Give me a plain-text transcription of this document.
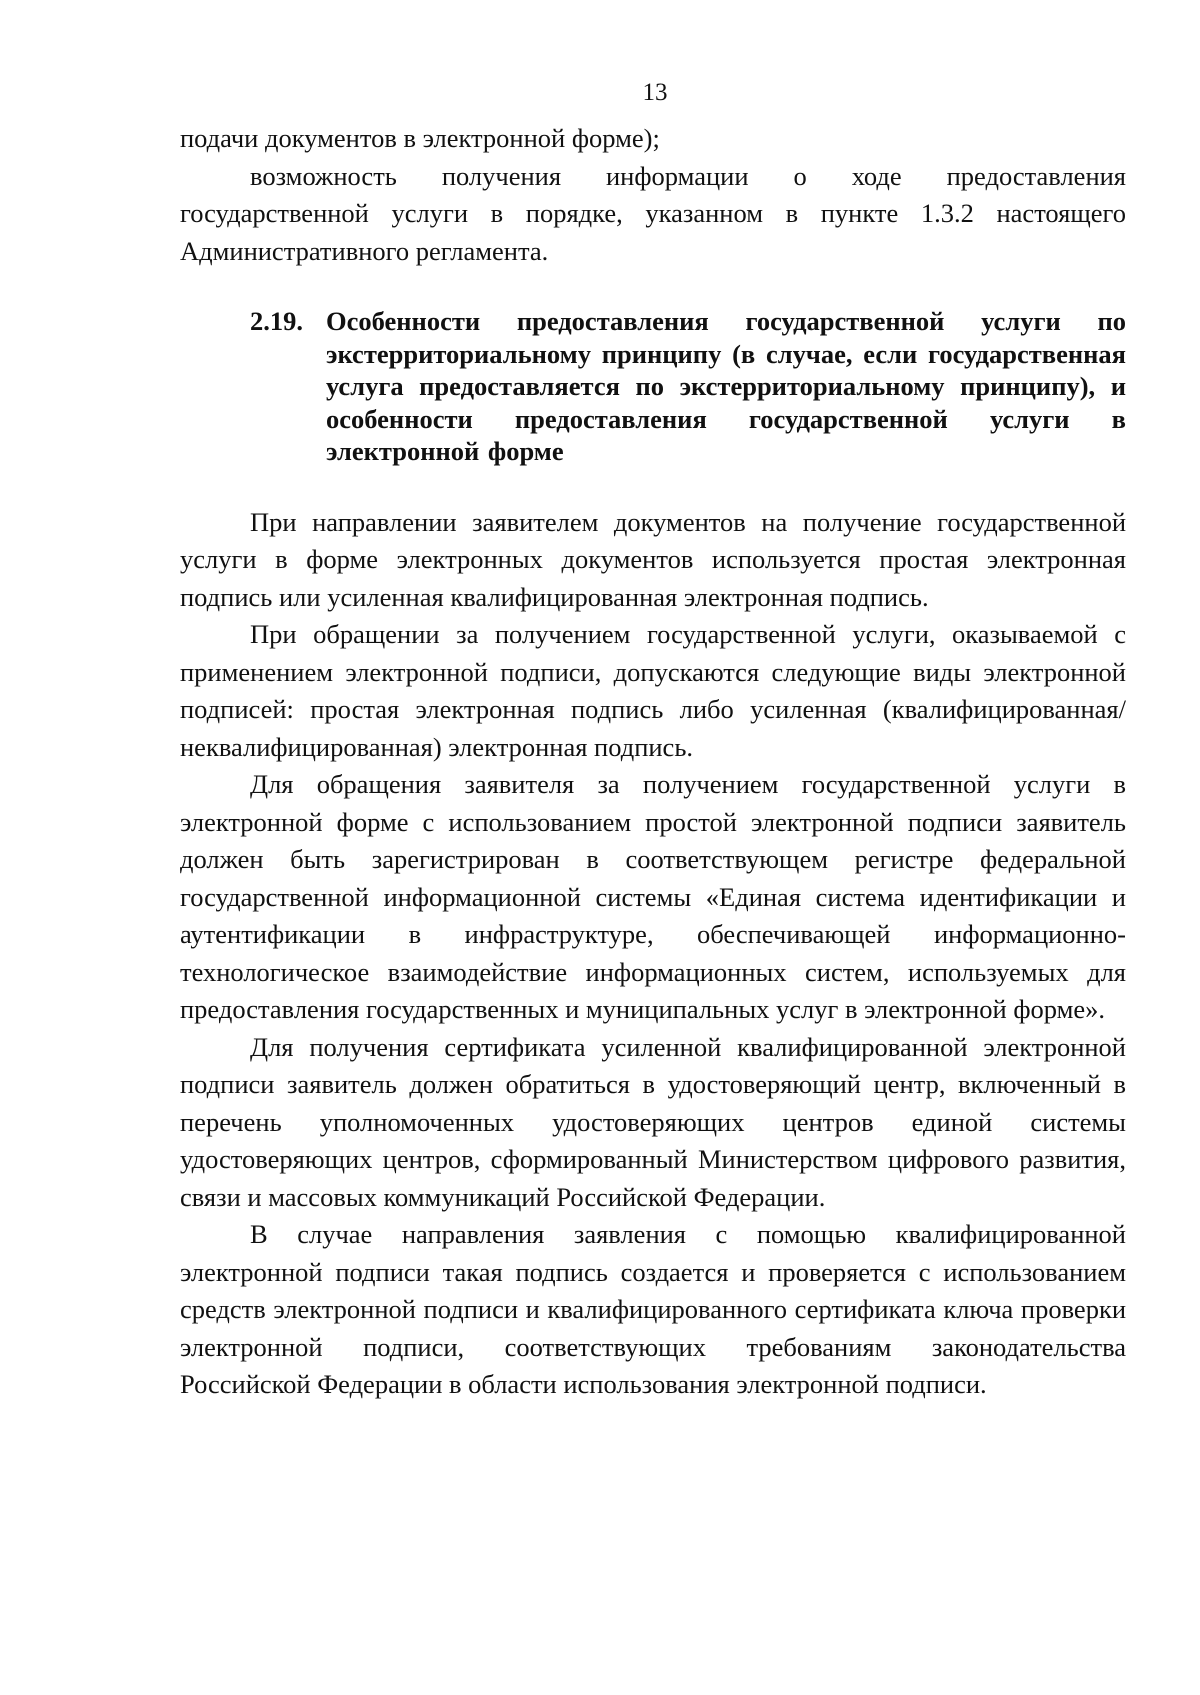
13

подачи документов в электронной форме);

возможность получения информации о ходе предоставления государственной услуги в порядке, указанном в пункте 1.3.2 настоящего Административного регламента.

2.19. Особенности предоставления государственной услуги по экстерриториальному принципу (в случае, если государственная услуга предоставляется по экстерриториальному принципу), и особенности предоставления государственной услуги в электронной форме

При направлении заявителем документов на получение государственной услуги в форме электронных документов используется простая электронная подпись или усиленная квалифицированная электронная подпись.

При обращении за получением государственной услуги, оказываемой с применением электронной подписи, допускаются следующие виды электронной подписей: простая электронная подпись либо усиленная (квалифицированная/неквалифицированная) электронная подпись.

Для обращения заявителя за получением государственной услуги в электронной форме с использованием простой электронной подписи заявитель должен быть зарегистрирован в соответствующем регистре федеральной государственной информационной системы «Единая система идентификации и аутентификации в инфраструктуре, обеспечивающей информационно-технологическое взаимодействие информационных систем, используемых для предоставления государственных и муниципальных услуг в электронной форме».

Для получения сертификата усиленной квалифицированной электронной подписи заявитель должен обратиться в удостоверяющий центр, включенный в перечень уполномоченных удостоверяющих центров единой системы удостоверяющих центров, сформированный Министерством цифрового развития, связи и массовых коммуникаций Российской Федерации.

В случае направления заявления с помощью квалифицированной электронной подписи такая подпись создается и проверяется с использованием средств электронной подписи и квалифицированного сертификата ключа проверки электронной подписи, соответствующих требованиям законодательства Российской Федерации в области использования электронной подписи.
